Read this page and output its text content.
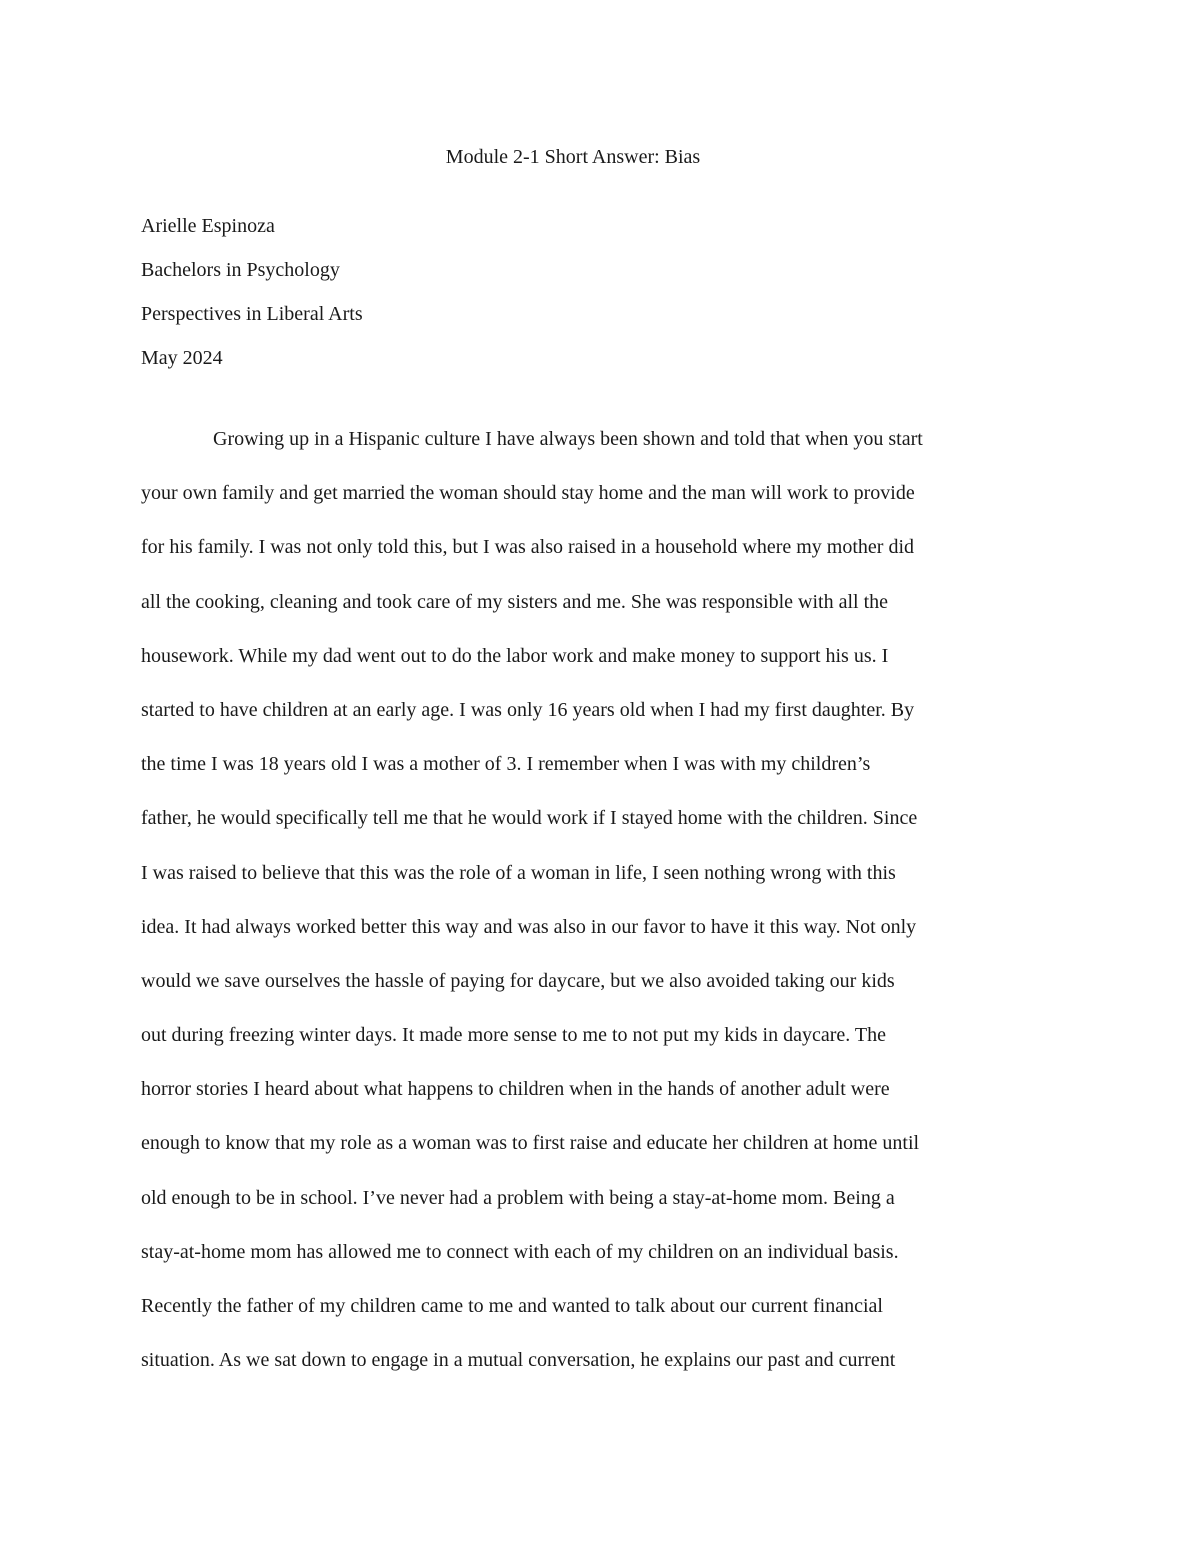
Module 2-1 Short Answer: Bias
Arielle Espinoza
Bachelors in Psychology
Perspectives in Liberal Arts
May 2024
Growing up in a Hispanic culture I have always been shown and told that when you start
your own family and get married the woman should stay home and the man will work to provide
for his family. I was not only told this, but I was also raised in a household where my mother did
all the cooking, cleaning and took care of my sisters and me. She was responsible with all the
housework. While my dad went out to do the labor work and make money to support his us. I
started to have children at an early age. I was only 16 years old when I had my first daughter. By
the time I was 18 years old I was a mother of 3. I remember when I was with my children’s
father, he would specifically tell me that he would work if I stayed home with the children. Since
I was raised to believe that this was the role of a woman in life, I seen nothing wrong with this
idea. It had always worked better this way and was also in our favor to have it this way. Not only
would we save ourselves the hassle of paying for daycare, but we also avoided taking our kids
out during freezing winter days. It made more sense to me to not put my kids in daycare. The
horror stories I heard about what happens to children when in the hands of another adult were
enough to know that my role as a woman was to first raise and educate her children at home until
old enough to be in school. I’ve never had a problem with being a stay-at-home mom. Being a
stay-at-home mom has allowed me to connect with each of my children on an individual basis.
Recently the father of my children came to me and wanted to talk about our current financial
situation. As we sat down to engage in a mutual conversation, he explains our past and current
